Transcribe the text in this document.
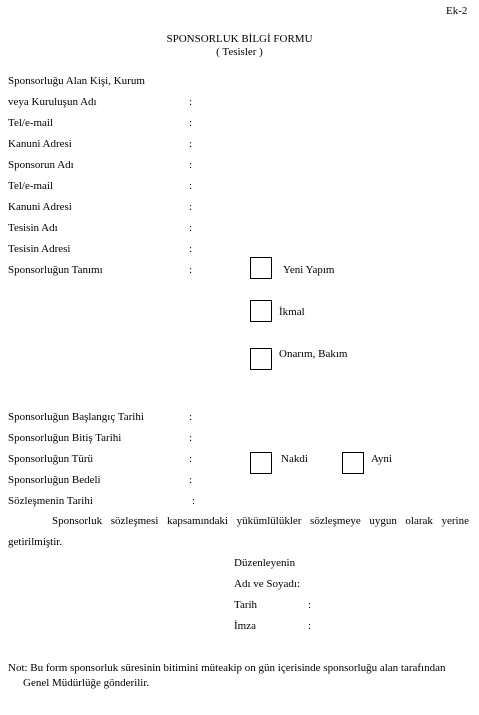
Ek-2
SPONSORLUK BİLGİ FORMU
( Tesisler )
Sponsorluğu Alan Kişi, Kurum
veya Kuruluşun Adı	:
Tel/e-mail	:
Kanuni Adresi	:
Sponsorun Adı	:
Tel/e-mail	:
Kanuni Adresi	:
Tesisin Adı	:
Tesisin Adresi	:
Sponsorluğun Tanımı	:	Yeni Yapım
İkmal
Onarım, Bakım
Sponsorluğun Başlangıç Tarihi	:
Sponsorluğun Bitiş Tarihi	:
Sponsorluğun Türü	:	Nakdi	Ayni
Sponsorluğun Bedeli	:
Sözleşmenin Tarihi	:
Sponsorluk sözleşmesi kapsamındaki yükümlülükler sözleşmeye uygun olarak yerine getirilmiştir.
Düzenleyenin
Adı ve Soyadı:
Tarih	:
İmza	:
Not: Bu form sponsorluk süresinin bitimini müteakip on gün içerisinde sponsorluğu alan tarafından Genel Müdürlüğe gönderilir.
